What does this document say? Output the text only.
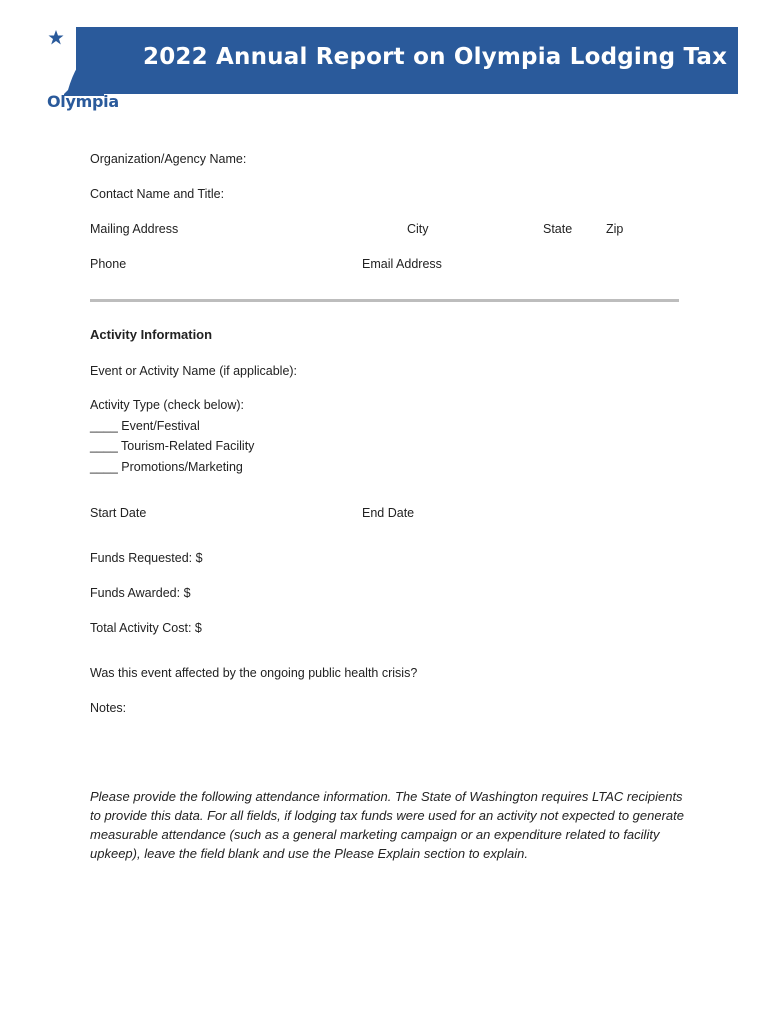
2022 Annual Report on Olympia Lodging Tax
Olympia
Organization/Agency Name:
Contact Name and Title:
Mailing Address	City	State	Zip
Phone	Email Address
Activity Information
Event or Activity Name (if applicable):
Activity Type (check below):
____ Event/Festival
____ Tourism-Related Facility
____ Promotions/Marketing
Start Date	End Date
Funds Requested: $
Funds Awarded: $
Total Activity Cost: $
Was this event affected by the ongoing public health crisis?
Notes:
Please provide the following attendance information. The State of Washington requires LTAC recipients to provide this data. For all fields, if lodging tax funds were used for an activity not expected to generate measurable attendance (such as a general marketing campaign or an expenditure related to facility upkeep), leave the field blank and use the Please Explain section to explain.
